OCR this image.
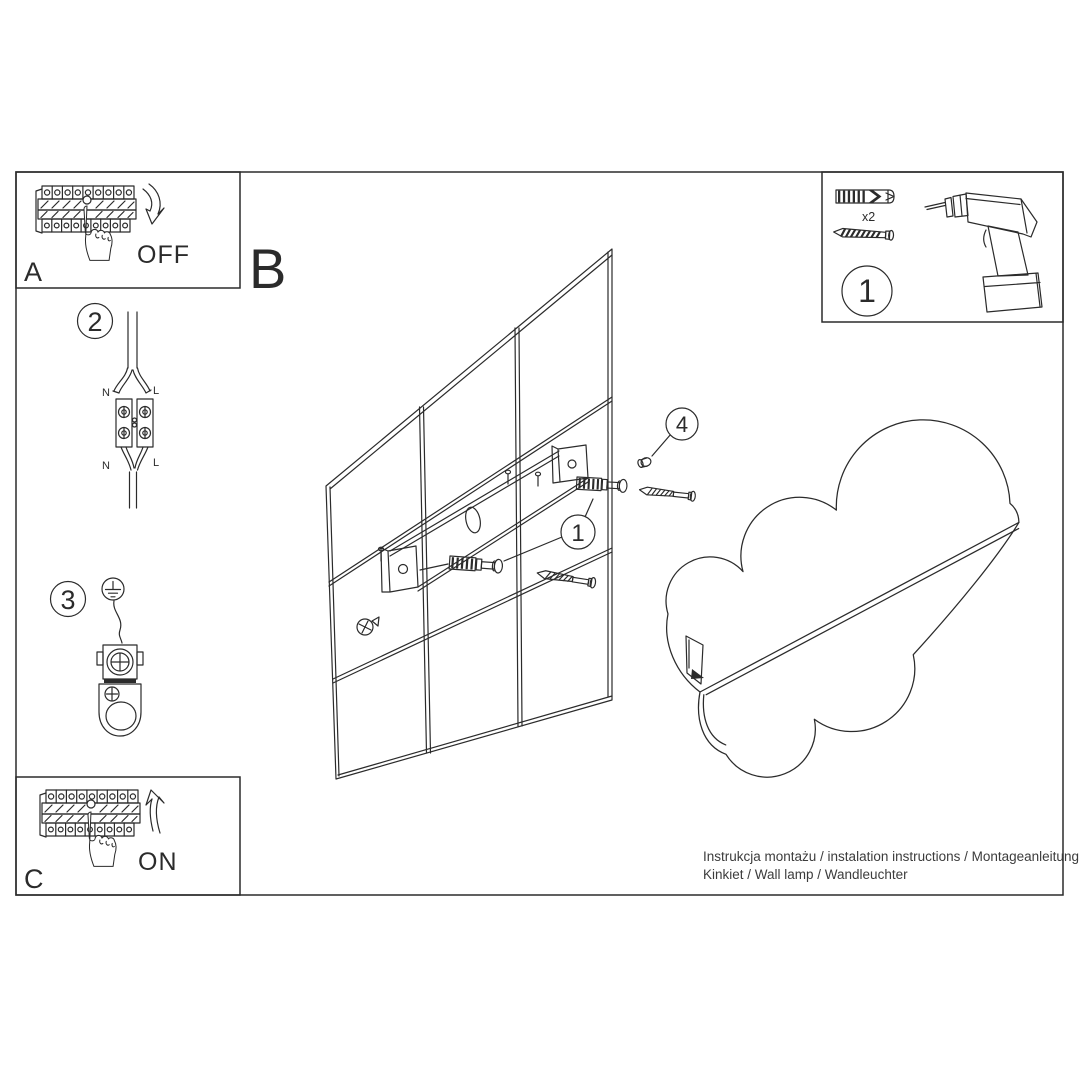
A
OFF B
2
N	L
N	L
3
C
ON
x2
1
1
4
Instrukcja montażu / instalation instructions / Montageanleitung
Kinkiet / Wall lamp / Wandleuchter
